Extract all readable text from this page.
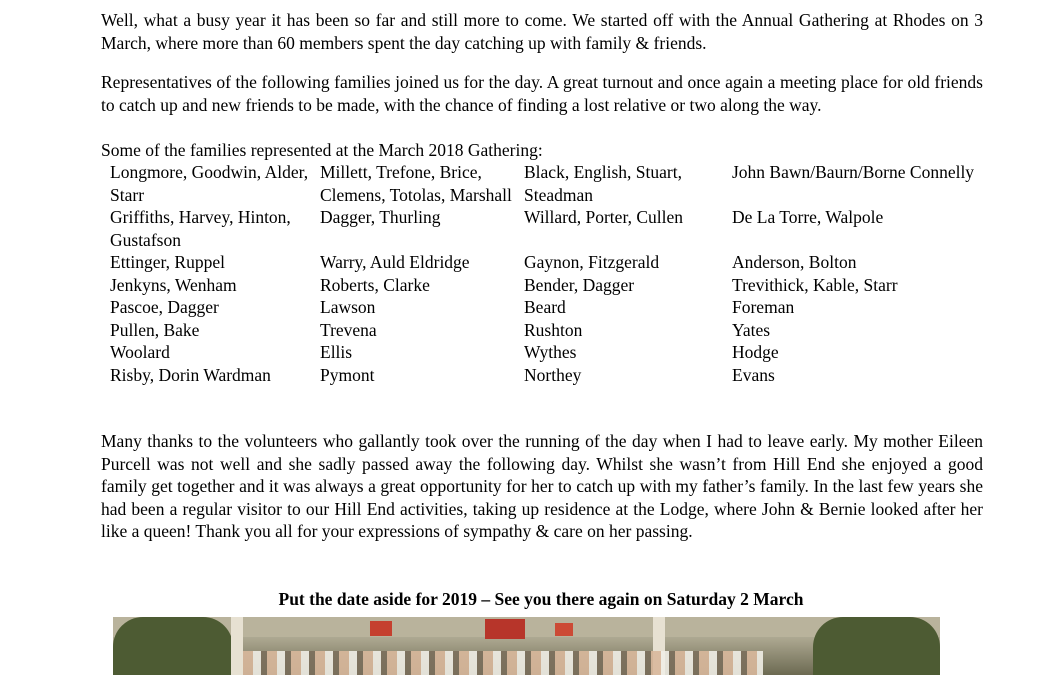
Well, what a busy year it has been so far and still more to come. We started off with the Annual Gathering at Rhodes on 3 March, where more than 60 members spent the day catching up with family & friends.

Representatives of the following families joined us for the day. A great turnout and once again a meeting place for old friends to catch up and new friends to be made, with the chance of finding a lost relative or two along the way.

Some of the families represented at the March 2018 Gathering:

Longmore, Goodwin, Alder, Starr	Millett, Trefone, Brice, Clemens, Totolas, Marshall	Black, English, Stuart, Steadman	John Bawn/Baurn/Borne Connelly
Griffiths, Harvey, Hinton, Gustafson	Dagger, Thurling	Willard, Porter, Cullen	De La Torre, Walpole
Ettinger, Ruppel	Warry, Auld Eldridge	Gaynon, Fitzgerald	Anderson, Bolton
Jenkyns, Wenham	Roberts, Clarke	Bender, Dagger	Trevithick, Kable, Starr
Pascoe, Dagger	Lawson	Beard	Foreman
Pullen, Bake	Trevena	Rushton	Yates
Woolard	Ellis	Wythes	Hodge
Risby, Dorin Wardman	Pymont	Northey	Evans

Many thanks to the volunteers who gallantly took over the running of the day when I had to leave early. My mother Eileen Purcell was not well and she sadly passed away the following day. Whilst she wasn’t from Hill End she enjoyed a good family get together and it was always a great opportunity for her to catch up with my father’s family. In the last few years she had been a regular visitor to our Hill End activities, taking up residence at the Lodge, where John & Bernie looked after her like a queen! Thank you all for your expressions of sympathy & care on her passing.

Put the date aside for 2019 – See you there again on Saturday 2 March
